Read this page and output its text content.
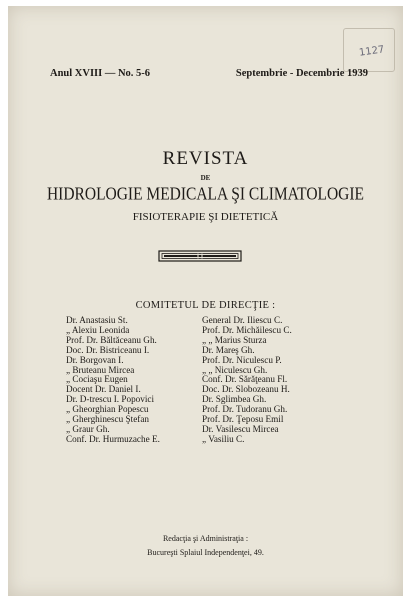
1127
Anul XVIII — No. 5-6	Septembrie - Decembrie 1939
REVISTA
DE
HIDROLOGIE MEDICALA ŞI CLIMATOLOGIE
FISIOTERAPIE ŞI DIETETICĂ
COMITETUL DE DIRECŢIE :
Dr. Anastasiu St.
„ Alexiu Leonida
Prof. Dr. Băltăceanu Gh.
Doc. Dr. Bistriceanu I.
Dr. Borgovan I.
„ Bruteanu Mircea
„ Cociaşu Eugen
Docent Dr. Daniel I.
Dr. D-trescu I. Popovici
„ Gheorghian Popescu
„ Gherghinescu Ştefan
„ Graur Gh.
Conf. Dr. Hurmuzache E.
General Dr. Iliescu C.
Prof. Dr. Michăilescu C.
„ „ Marius Sturza
Dr. Mareş Gh.
Prof. Dr. Niculescu P.
„ „ Niculescu Gh.
Conf. Dr. Sărăţeanu Fl.
Doc. Dr. Slobozeanu H.
Dr. Sglimbea Gh.
Prof. Dr. Tudoranu Gh.
Prof. Dr. Ţeposu Emil
Dr. Vasilescu Mircea
„ Vasiliu C.
Redacţia şi Administraţia :
Bucureşti Splaiul Independenţei, 49.
